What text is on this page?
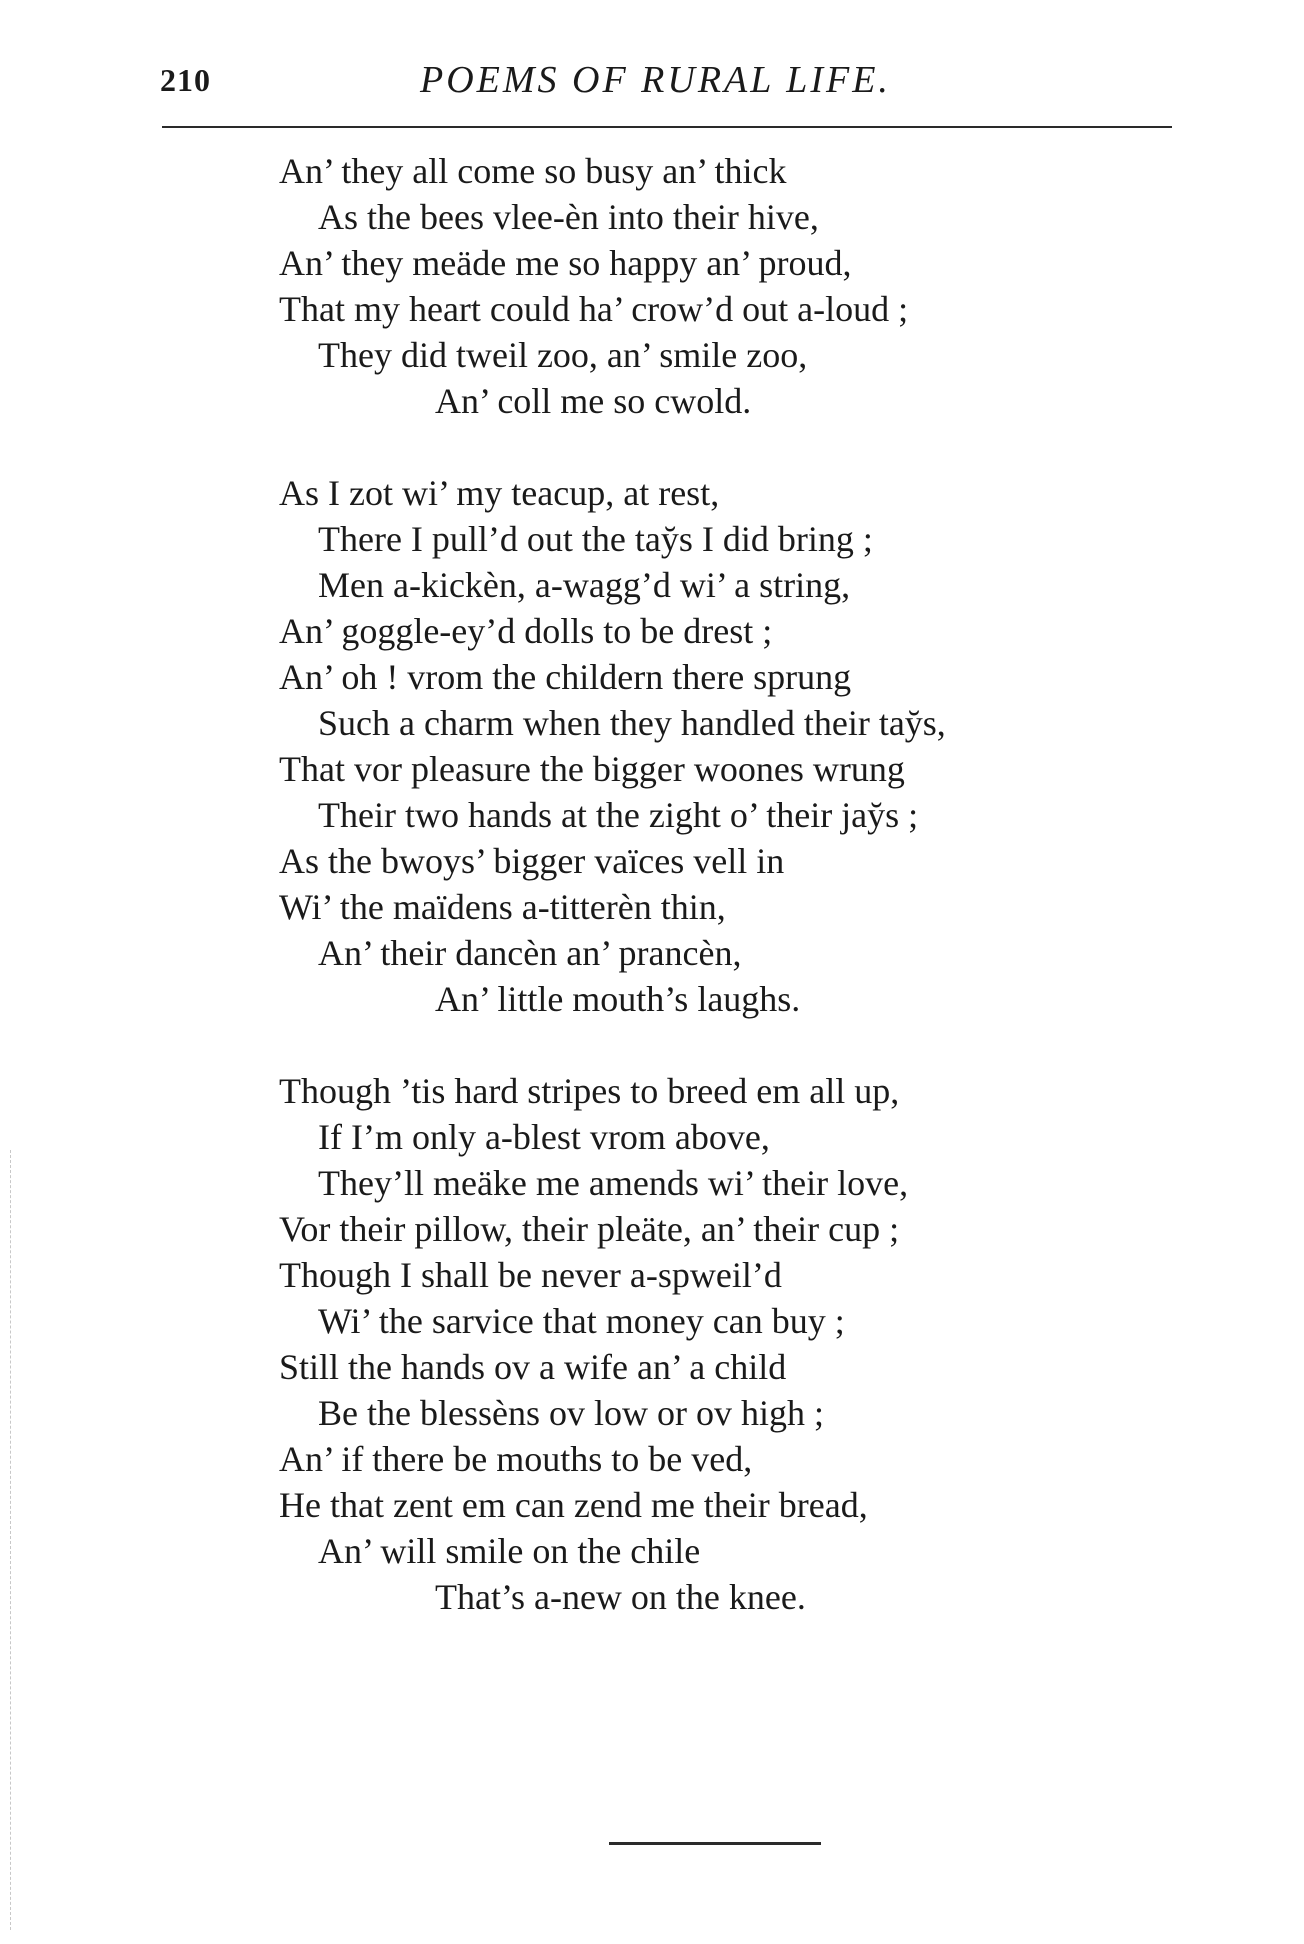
210	POEMS OF RURAL LIFE.
An’ they all come so busy an’ thick
As the bees vlee-ѐn into their hive,
An’ they meäde me so happy an’ proud,
That my heart could ha’ crow’d out a-loud ;
They did tweil zoo, an’ smile zoo,
An’ coll me so cwold.
As I zot wi’ my teacup, at rest,
There I pull’d out the tay̆s I did bring ;
Men a-kickѐn, a-wagg’d wi’ a string,
An’ goggle-ey’d dolls to be drest ;
An’ oh ! vrom the childern there sprung
Such a charm when they handled their tay̆s,
That vor pleasure the bigger woones wrung
Their two hands at the zight o’ their jay̆s ;
As the bwoys’ bigger vaïces vell in
Wi’ the maïdens a-titterѐn thin,
An’ their dancѐn an’ prancѐn,
An’ little mouth’s laughs.
Though ’tis hard stripes to breed em all up,
If I’m only a-blest vrom above,
They’ll meäke me amends wi’ their love,
Vor their pillow, their pleäte, an’ their cup ;
Though I shall be never a-spweil’d
Wi’ the sarvice that money can buy ;
Still the hands ov a wife an’ a child
Be the blessѐns ov low or ov high ;
An’ if there be mouths to be ved,
He that zent em can zend me their bread,
An’ will smile on the chile
That’s a-new on the knee.
